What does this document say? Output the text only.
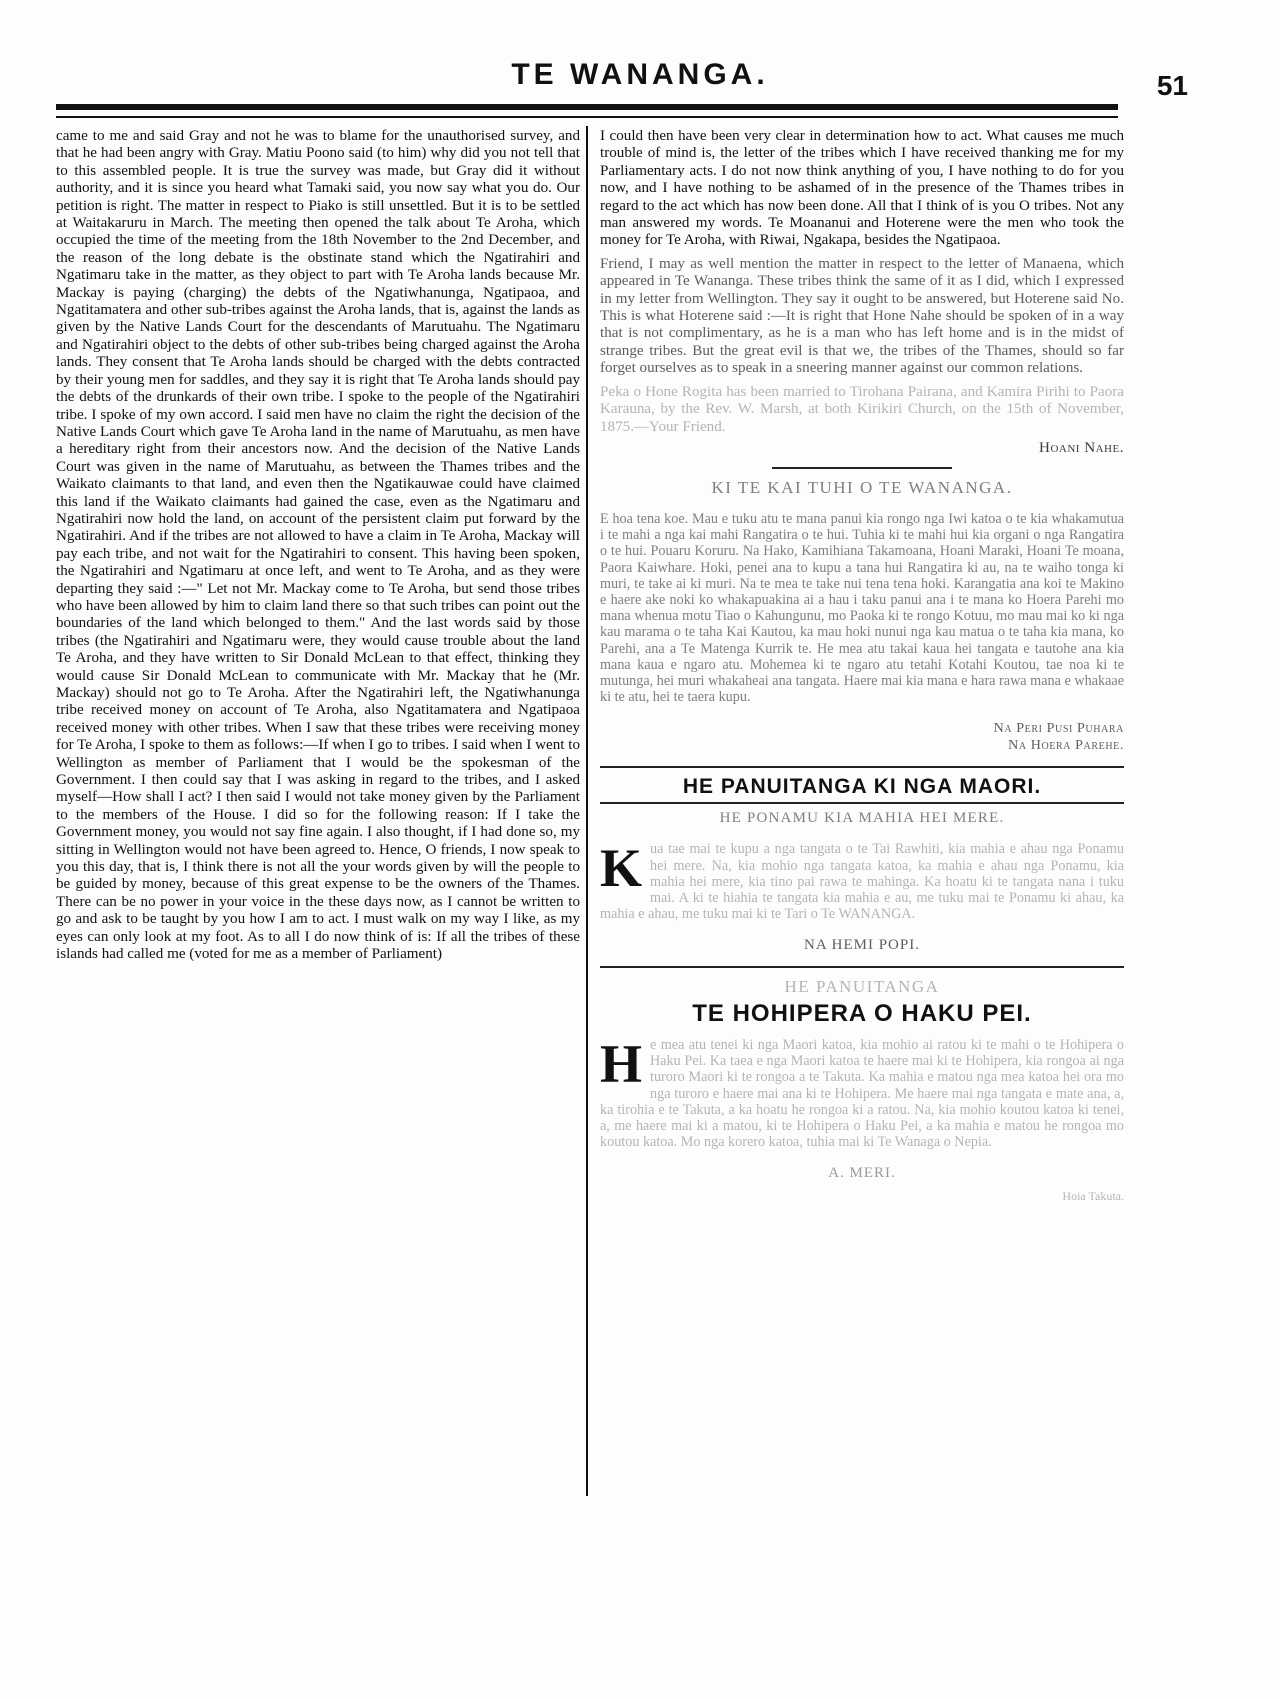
TE WANANGA.	51

came to me and said Gray and not he was to blame for the unauthorised survey, and that he had been angry with Gray. Matiu Poono said (to him) why did you not tell that to this assembled people. It is true the survey was made, but Gray did it without authority, and it is since you heard what Tamaki said, you now say what you do. Our petition is right. The matter in respect to Piako is still unsettled. But it is to be settled at Waitakaruru in March. The meeting then opened the talk about Te Aroha, which occupied the time of the meeting from the 18th November to the 2nd December, and the reason of the long debate is the obstinate stand which the Ngatirahiri and Ngatimaru take in the matter, as they object to part with Te Aroha lands because Mr. Mackay is paying (charging) the debts of the Ngatiwhanunga, Ngatipaoa, and Ngatitamatera and other sub-tribes against the Aroha lands, that is, against the lands as given by the Native Lands Court for the descendants of Marutuahu. The Ngatimaru and Ngatirahiri object to the debts of other sub-tribes being charged against the Aroha lands. They consent that Te Aroha lands should be charged with the debts contracted by their young men for saddles, and they say it is right that Te Aroha lands should pay the debts of the drunkards of their own tribe. I spoke to the people of the Ngatirahiri tribe. I spoke of my own accord. I said men have no claim the right the decision of the Native Lands Court which gave Te Aroha land in the name of Marutuahu, as men have a hereditary right from their ancestors now. And the decision of the Native Lands Court was given in the name of Marutuahu, as between the Thames tribes and the Waikato claimants to that land, and even then the Ngatikauwae could have claimed this land if the Waikato claimants had gained the case, even as the Ngatimaru and Ngatirahiri now hold the land, on account of the persistent claim put forward by the Ngatirahiri. And if the tribes are not allowed to have a claim in Te Aroha, Mackay will pay each tribe, and not wait for the Ngatirahiri to consent. This having been spoken, the Ngatirahiri and Ngatimaru at once left, and went to Te Aroha, and as they were departing they said :—" Let not Mr. Mackay come to Te Aroha, but send those tribes who have been allowed by him to claim land there so that such tribes can point out the boundaries of the land which belonged to them." And the last words said by those tribes (the Ngatirahiri and Ngatimaru were, they would cause trouble about the land Te Aroha, and they have written to Sir Donald McLean to that effect, thinking they would cause Sir Donald McLean to communicate with Mr. Mackay that he (Mr. Mackay) should not go to Te Aroha. After the Ngatirahiri left, the Ngatiwhanunga tribe received money on account of Te Aroha, also Ngatitamatera and Ngatipaoa received money with other tribes. When I saw that these tribes were receiving money for Te Aroha, I spoke to them as follows:—If when I go to tribes. I said when I went to Wellington as member of Parliament that I would be the spokesman of the Government. I then could say that I was asking in regard to the tribes, and I asked myself—How shall I act? I then said I would not take money given by the Parliament to the members of the House. I did so for the following reason: If I take the Government money, you would not say fine again. I also thought, if I had done so, my sitting in Wellington would not have been agreed to. Hence, O friends, I now speak to you this day, that is, I think there is not all the your words given by will the people to be guided by money, because of this great expense to be the owners of the Thames. There can be no power in your voice in the these days now, as I cannot be written to go and ask to be taught by you how I am to act. I must walk on my way I like, as my eyes can only look at my foot. As to all I do now think of is: If all the tribes of these islands had called me (voted for me as a member of Parliament)

I could then have been very clear in determination how to act. What causes me much trouble of mind is, the letter of the tribes which I have received thanking me for my Parliamentary acts. I do not now think anything of you, I have nothing to do for you now, and I have nothing to be ashamed of in the presence of the Thames tribes in regard to the act which has now been done. All that I think of is you O tribes. Not any man answered my words. Te Moananui and Hoterene were the men who took the money for Te Aroha, with Riwai, Ngakapa, besides the Ngatipaoa.

Friend, I may as well mention the matter in respect to the letter of Manaena, which appeared in Te Wananga. These tribes think the same of it as I did, which I expressed in my letter from Wellington. They say it ought to be answered, but Hoterene said No. This is what Hoterene said :—It is right that Hone Nahe should be spoken of in a way that is not complimentary, as he is a man who has left home and is in the midst of strange tribes. But the great evil is that we, the tribes of the Thames, should so far forget ourselves as to speak in a sneering manner against our common relations.

Peka o Hone Rogita has been married to Tirohana Pairana, and Kamira Pirihi to Paora Karauna, by the Rev. W. Marsh, at both Kirikiri Church, on the 15th of November, 1875.—Your Friend.

Hoani Nahe.
KI TE KAI TUHI O TE WANANGA.

E hoa tena koe. Mau e tuku atu te mana panui kia rongo nga Iwi katoa o te kia whakamutua i te mahi a nga kai mahi Rangatira o te hui. Tuhia ki te mahi hui kia organi o nga Rangatira o te hui. Pouaru Koruru. Na Hako, Kamihiana Takamoana, Hoani Maraki, Hoani Te moana, Paora Kaiwhare. Hoki, penei ana to kupu a tana hui Rangatira ki au, na te waiho tonga ki muri, te take ai ki muri. Na te mea te take nui tena tena hoki. Karangatia ana koi te Makino e haere ake noki ko whakapuakina ai a hau i taku panui ana i te mana ko Hoera Parehi mo mana whenua motu Tiao o Kahungunu, mo Paoka ki te rongo Kotuu, mo mau mai ko ki nga kau marama o te taha Kai Kautou, ka mau hoki nunui nga kau matua o te taha kia mana, ko Parehi, ana a Te Matenga Kurrik te. He mea atu takai kaua hei tangata e tautohe ana kia mana kaua e ngaro atu. Mohemea ki te ngaro atu tetahi Kotahi Koutou, tae noa ki te mutunga, hei muri whakaheai ana tangata. Haere mai kia mana e hara rawa mana e whakaae ki te atu, hei te taera kupu.

Na Peri Pusi Puhara
Na Hoera Parehe.
HE PANUITANGA KI NGA MAORI.
HE PONAMU KIA MAHIA HEI MERE.
K ua tae mai te kupu a nga tangata o te Tai Rawhiti, kia mahia e ahau nga Ponamu hei mere. Na, kia mohio nga tangata katoa, ka mahia e ahau nga Ponamu, kia mahia hei mere, kia tino pai rawa te mahinga. Ka hoatu ki te tangata nana i tuku mai. A ki te hiahia te tangata kia mahia e au, me tuku mai te Ponamu ki ahau, ka mahia e ahau, me tuku mai ki te Tari o Te WANANGA.

NA HEMI POPI.
HE PANUITANGA
TE HOHIPERA O HAKU PEI.
H e mea atu tenei ki nga Maori katoa, kia mohio ai ratou ki te mahi o te Hohipera o Haku Pei. Ka taea e nga Maori katoa te haere mai ki te Hohipera, kia rongoa ai nga turoro Maori ki te rongoa a te Takuta. Ka mahia e matou nga mea katoa hei ora mo nga turoro e haere mai ana ki te Hohipera. Me haere mai nga tangata e mate ana, a, ka tirohia e te Takuta, a ka hoatu he rongoa ki a ratou. Na, kia mohio koutou katoa ki tenei, a, me haere mai ki a matou, ki te Hohipera o Haku Pei, a ka mahia e matou he rongoa mo koutou katoa. Mo nga korero katoa, tuhia mai ki Te Wanaga o Nepia.

A. MERI.
Hoia Takuta.
